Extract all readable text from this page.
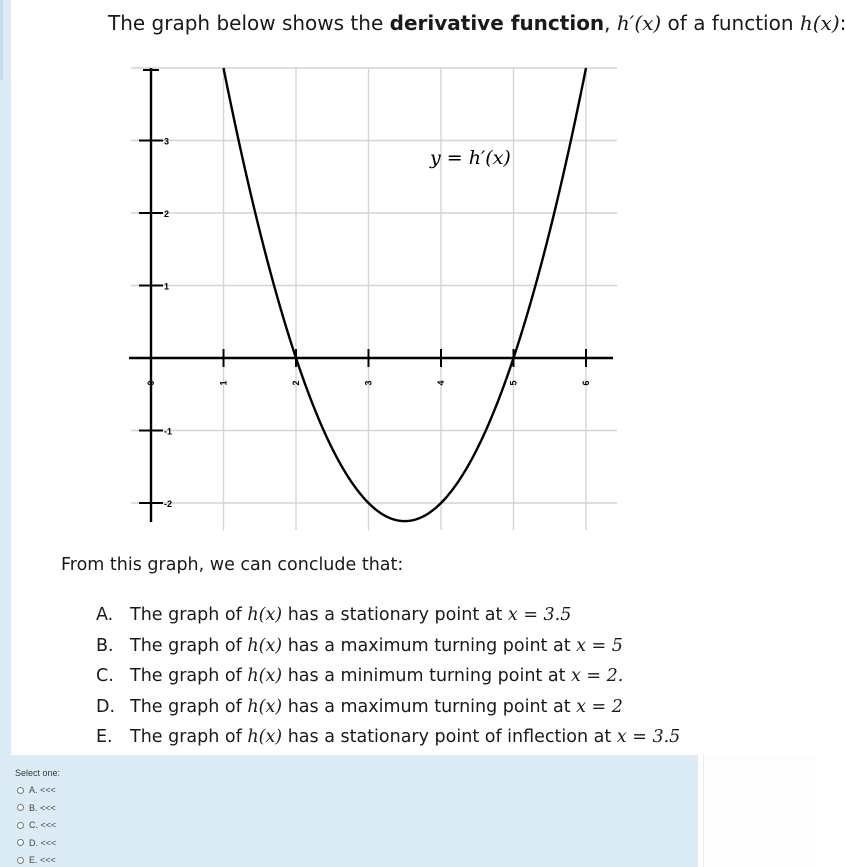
The graph below shows the derivative function, h′(x) of a function h(x):
0	1	2	3	4	5	6
3
2
1
-1
-2
y = h′(x)
From this graph, we can conclude that:
A. The graph of h(x) has a stationary point at x = 3.5
B. The graph of h(x) has a maximum turning point at x = 5
C. The graph of h(x) has a minimum turning point at x = 2.
D. The graph of h(x) has a maximum turning point at x = 2
E. The graph of h(x) has a stationary point of inflection at x = 3.5
Select one:
A. <<<
B. <<<
C. <<<
D. <<<
E. <<<
